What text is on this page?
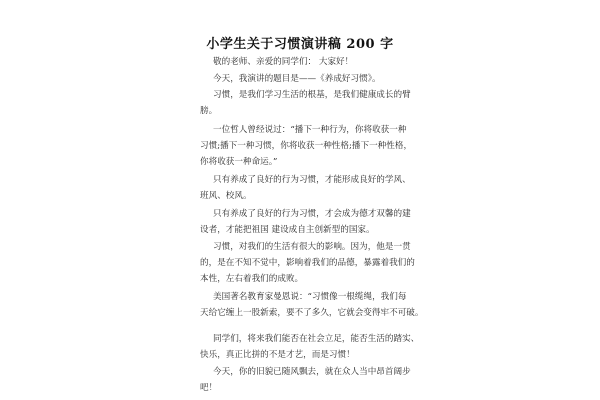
小学生关于习惯演讲稿 200 字
敬的老师、亲爱的同学们： 大家好！
今天，我演讲的题目是——《养成好习惯》。
习惯，是我们学习生活的根基，是我们健康成长的臂
膀。
一位哲人曾经说过：“播下一种行为，你将收获一种
习惯;播下一种习惯，你将收获一种性格;播下一种性格，
你将收获一种命运。”
只有养成了良好的行为习惯，才能形成良好的学风、
班风、校风。
只有养成了良好的行为习惯，才会成为德才双馨的建
设者，才能把祖国 建设成自主创新型的国家。
习惯，对我们的生活有很大的影响。因为，他是一贯
的，是在不知不觉中，影响着我们的品德，暴露着我们的
本性，左右着我们的成败。
美国著名教育家曼恩说：“习惯像一根缆绳，我们每
天给它缠上一股新索，要不了多久，它就会变得牢不可破。
同学们，将来我们能否在社会立足，能否生活的踏实、
快乐，真正比拼的不是才艺，而是习惯！
今天，你的旧貌已随风飘去，就在众人当中昂首阔步
吧！
